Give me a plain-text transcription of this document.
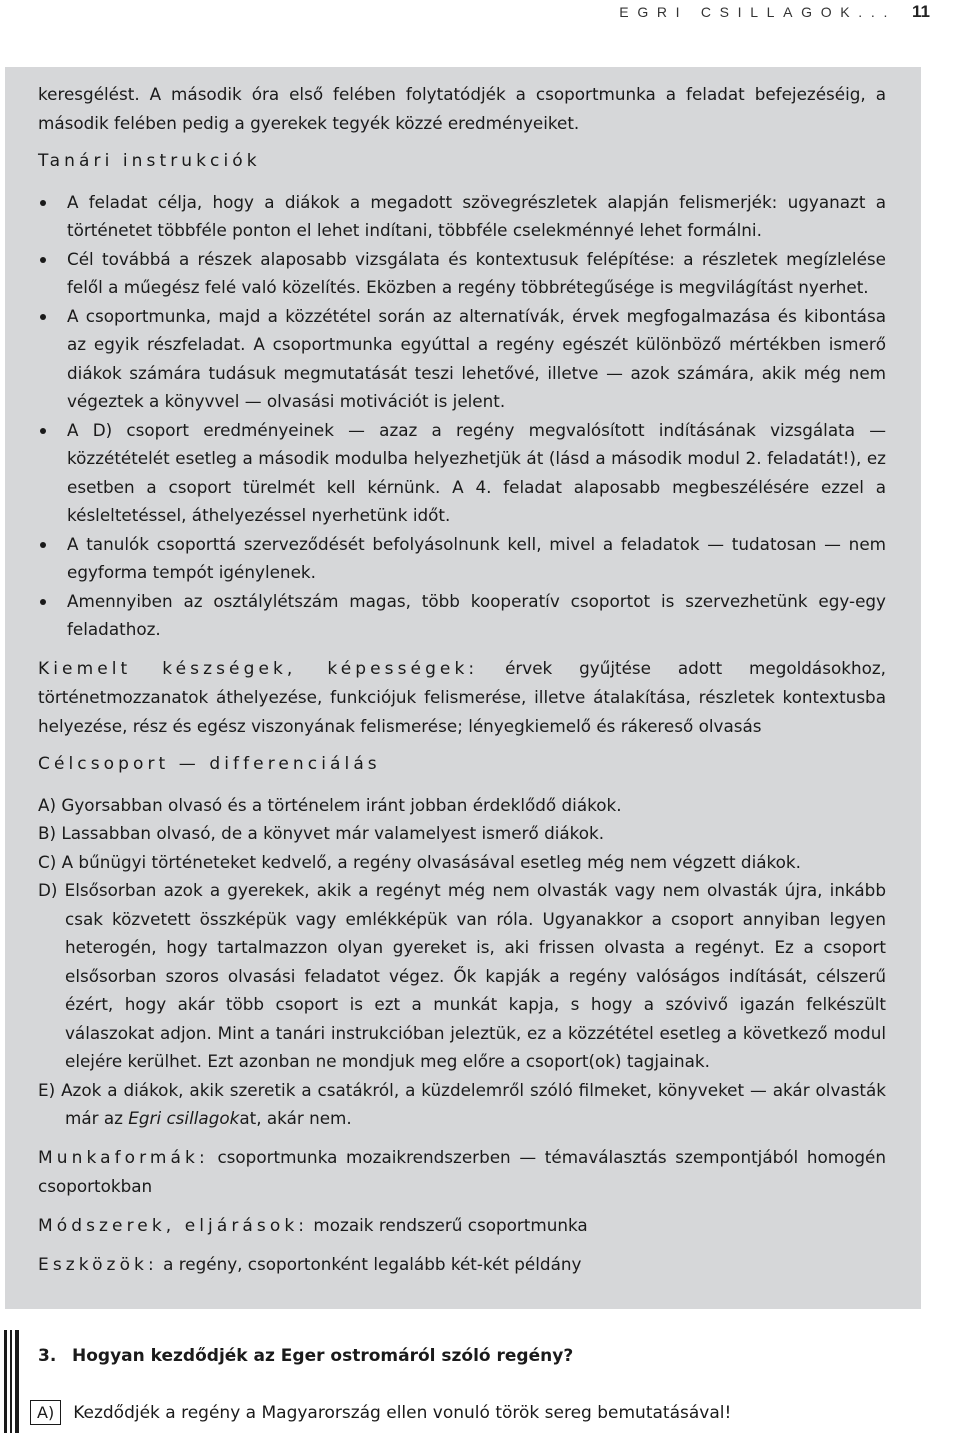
EGRI CSILLAGOK... 11

keresgélést. A második óra első felében folytatódjék a csoportmunka a feladat befejezéséig, a második felében pedig a gyerekek tegyék közzé eredményeiket.

Tanári instrukciók
A feladat célja, hogy a diákok a megadott szövegrészletek alapján felismerjék: ugyanazt a történetet többféle ponton el lehet indítani, többféle cselekménnyé lehet formálni.
Cél továbbá a részek alaposabb vizsgálata és kontextusuk felépítése: a részletek megízlelése felől a műegész felé való közelítés. Eközben a regény többrétegűsége is megvilágítást nyerhet.
A csoportmunka, majd a közzététel során az alternatívák, érvek megfogalmazása és kibontása az egyik részfeladat. A csoportmunka egyúttal a regény egészét különböző mértékben ismerő diákok számára tudásuk megmutatását teszi lehetővé, illetve — azok számára, akik még nem végeztek a könyvvel — olvasási motivációt is jelent.
A D) csoport eredményeinek — azaz a regény megvalósított indításának vizsgálata — közzétételét esetleg a második modulba helyezhetjük át (lásd a második modul 2. feladatát!), ez esetben a csoport türelmét kell kérnünk. A 4. feladat alaposabb megbeszélésére ezzel a késleltetéssel, áthelyezéssel nyerhetünk időt.
A tanulók csoporttá szerveződését befolyásolnunk kell, mivel a feladatok — tudatosan — nem egyforma tempót igénylenek.
Amennyiben az osztálylétszám magas, több kooperatív csoportot is szervezhetünk egy-egy feladathoz.

Kiemelt készségek, képességek: érvek gyűjtése adott megoldásokhoz, történetmozzanatok áthelyezése, funkciójuk felismerése, illetve átalakítása, részletek kontextusba helyezése, rész és egész viszonyának felismerése; lényegkiemelő és rákereső olvasás

Célcsoport — differenciálás

A) Gyorsabban olvasó és a történelem iránt jobban érdeklődő diákok.

B) Lassabban olvasó, de a könyvet már valamelyest ismerő diákok.

C) A bűnügyi történeteket kedvelő, a regény olvasásával esetleg még nem végzett diákok.

D) Elsősorban azok a gyerekek, akik a regényt még nem olvasták vagy nem olvasták újra, inkább csak közvetett összképük vagy emlékképük van róla. Ugyanakkor a csoport annyiban legyen heterogén, hogy tartalmazzon olyan gyereket is, aki frissen olvasta a regényt. Ez a csoport elsősorban szoros olvasási feladatot végez. Ők kapják a regény valóságos indítását, célszerű ézért, hogy akár több csoport is ezt a munkát kapja, s hogy a szóvivő igazán felkészült válaszokat adjon. Mint a tanári instrukcióban jeleztük, ez a közzététel esetleg a következő modul elejére kerülhet. Ezt azonban ne mondjuk meg előre a csoport(ok) tagjainak.

E) Azok a diákok, akik szeretik a csatákról, a küzdelemről szóló filmeket, könyveket — akár olvasták már az Egri csillagokat, akár nem.

Munkaformák: csoportmunka mozaikrendszerben — témaválasztás szempontjából homogén csoportokban

Módszerek, eljárások: mozaik rendszerű csoportmunka

Eszközök: a regény, csoportonként legalább két-két példány

3. Hogyan kezdődjék az Eger ostromáról szóló regény?
A)	Kezdődjék a regény a Magyarország ellen vonuló török sereg bemutatásával!
